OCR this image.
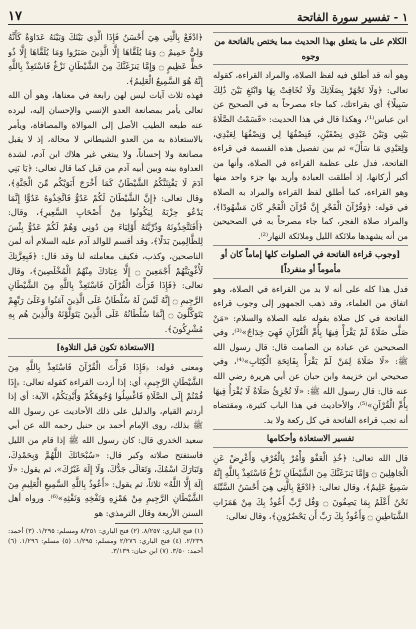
١٧	١ - تفسير سورة الفاتحة

الكلام على ما يتعلق بهذا الحديث مما يختص بالفاتحة من وجوه

وهو أنه قد أطلق فيه لفظ الصلاة، والمراد القراءة، كقوله تعالى: ﴿وَلَا تَجْهَرْ بِصَلَاتِكَ وَلَا تُخَافِتْ بِهَا وَابْتَغِ بَيْنَ ذَٰلِكَ سَبِيلًا﴾ أي بقراءتك، كما جاء مصرحاً به في الصحيح عن ابن عباس⁽¹⁾، وهكذا قال في هذا الحديث: «قَسَمْتُ الصَّلَاةَ بَيْنِي وَبَيْنَ عَبْدِي نِصْفَيْنِ، فَنِصْفُهَا لِي وَنِصْفُهَا لِعَبْدِي، وَلِعَبْدِي مَا سَأَلَ» ثم بين تفصيل هذه القسمة في قراءة الفاتحة، فدل على عظمة القراءة في الصلاة، وأنها من أكبر أركانها، إذ أطلقت العبادة وأريد بها جزء واحد منها وهو القراءة، كما أطلق لفظ القراءة والمراد به الصلاة في قوله: ﴿وَقُرْآنَ الْفَجْرِ إِنَّ قُرْآنَ الْفَجْرِ كَانَ مَشْهُودًا﴾، والمراد صلاة الفجر، كما جاء مصرحاً به في الصحيحين من أنه يشهدها ملائكة الليل وملائكة النهار⁽²⁾.

[وجوب قراءة الفاتحة في الصلوات كلها إماماً كان أو مأموماً أو منفرداً]

فدل هذا كله على أنه لا بد من القراءة في الصلاة، وهو اتفاق من العلماء، وقد ذهب الجمهور إلى وجوب قراءة الفاتحة في كل صلاة بقوله عليه الصلاة والسلام: «مَنْ صَلَّى صَلَاةً لَمْ يَقْرَأْ فِيهَا بِأُمِّ الْقُرْآنِ فَهِيَ خِدَاجٌ»⁽³⁾، وفي الصحيحين عن عبادة بن الصامت قال: قال رسول الله ﷺ: «لَا صَلَاةَ لِمَنْ لَمْ يَقْرَأْ بِفَاتِحَةِ الْكِتَابِ»⁽⁴⁾، وفي صحيحي ابن خزيمة وابن حبان عن أبي هريرة رضي الله عنه قال: قال رسول الله ﷺ: «لَا تُجْزِئُ صَلَاةٌ لَا يُقْرَأُ فِيهَا بِأُمِّ الْقُرْآنِ»⁽⁵⁾، والأحاديث في هذا الباب كثيرة، ومقتضاه أنه تجب قراءة الفاتحة في كل ركعة ولا بد.

تفسير الاستعاذة وأحكامها

قال الله تعالى: ﴿خُذِ الْعَفْوَ وَأْمُرْ بِالْعُرْفِ وَأَعْرِضْ عَنِ الْجَاهِلِينَ ۝ وَإِمَّا يَنزَغَنَّكَ مِنَ الشَّيْطَانِ نَزْغٌ فَاسْتَعِذْ بِاللَّهِ إِنَّهُ سَمِيعٌ عَلِيمٌ﴾، وقال تعالى: ﴿ادْفَعْ بِالَّتِي هِيَ أَحْسَنُ السَّيِّئَةَ نَحْنُ أَعْلَمُ بِمَا يَصِفُونَ ۝ وَقُل رَّبِّ أَعُوذُ بِكَ مِنْ هَمَزَاتِ الشَّيَاطِينِ ۝ وَأَعُوذُ بِكَ رَبِّ أَن يَحْضُرُونِ﴾، وقال تعالى:

﴿ادْفَعْ بِالَّتِي هِيَ أَحْسَنُ فَإِذَا الَّذِي بَيْنَكَ وَبَيْنَهُ عَدَاوَةٌ كَأَنَّهُ وَلِيٌّ حَمِيمٌ ۝ وَمَا يُلَقَّاهَا إِلَّا الَّذِينَ صَبَرُوا وَمَا يُلَقَّاهَا إِلَّا ذُو حَظٍّ عَظِيمٍ ۝ وَإِمَّا يَنزَغَنَّكَ مِنَ الشَّيْطَانِ نَزْغٌ فَاسْتَعِذْ بِاللَّهِ إِنَّهُ هُوَ السَّمِيعُ الْعَلِيمُ﴾.

فهذه ثلاث آيات ليس لهن رابعة في معناها، وهو أن الله تعالى يأمر بمصانعة العدو الإنسي والإحسان إليه، ليرده عنه طبعه الطيب الأصل إلى الموالاة والمصافاة، ويأمر بالاستعاذة به من العدو الشيطاني لا محالة، إذ لا يقبل مصانعة ولا إحساناً، ولا يبتغي غير هلاك ابن آدم، لشدة العداوة بينه وبين أبيه آدم من قبل كما قال تعالى: ﴿يَا بَنِي آدَمَ لَا يَفْتِنَنَّكُمُ الشَّيْطَانُ كَمَا أَخْرَجَ أَبَوَيْكُم مِّنَ الْجَنَّةِ﴾، وقال تعالى: ﴿إِنَّ الشَّيْطَانَ لَكُمْ عَدُوٌّ فَاتَّخِذُوهُ عَدُوًّا إِنَّمَا يَدْعُو حِزْبَهُ لِيَكُونُوا مِنْ أَصْحَابِ السَّعِيرِ﴾، وقال: ﴿أَفَتَتَّخِذُونَهُ وَذُرِّيَّتَهُ أَوْلِيَاءَ مِن دُونِي وَهُمْ لَكُمْ عَدُوٌّ بِئْسَ لِلظَّالِمِينَ بَدَلًا﴾، وقد أقسم للوالد آدم عليه السلام أنه لمن الناصحين، وكذب، فكيف معاملته لنا وقد قال: ﴿فَبِعِزَّتِكَ لَأُغْوِيَنَّهُمْ أَجْمَعِينَ ۝ إِلَّا عِبَادَكَ مِنْهُمُ الْمُخْلَصِينَ﴾، وقال تعالى: ﴿فَإِذَا قَرَأْتَ الْقُرْآنَ فَاسْتَعِذْ بِاللَّهِ مِنَ الشَّيْطَانِ الرَّجِيمِ ۝ إِنَّهُ لَيْسَ لَهُ سُلْطَانٌ عَلَى الَّذِينَ آمَنُوا وَعَلَىٰ رَبِّهِمْ يَتَوَكَّلُونَ ۝ إِنَّمَا سُلْطَانُهُ عَلَى الَّذِينَ يَتَوَلَّوْنَهُ وَالَّذِينَ هُم بِهِ مُشْرِكُونَ﴾.

[الاستعاذة تكون قبل التلاوة]

ومعنى قوله: ﴿فَإِذَا قَرَأْتَ الْقُرْآنَ فَاسْتَعِذْ بِاللَّهِ مِنَ الشَّيْطَانِ الرَّجِيمِ﴾ أي: إذا أردت القراءة كقوله تعالى: ﴿إِذَا قُمْتُمْ إِلَى الصَّلَاةِ فَاغْسِلُوا وُجُوهَكُمْ وَأَيْدِيَكُمْ﴾ الآية: أي إذا أردتم القيام، والدليل على ذلك الأحاديث عن رسول الله ﷺ بذلك، روى الإمام أحمد بن حنبل رحمه الله عن أبي سعيد الخدري قال: كان رسول الله ﷺ إذا قام من الليل فاستفتح صلاته وكبر قال: «سُبْحَانَكَ اللَّهُمَّ وَبِحَمْدِكَ، وَتَبَارَكَ اسْمُكَ، وَتَعَالَى جَدُّكَ، وَلَا إِلَهَ غَيْرُكَ»، ثم يقول: «لَا إِلَهَ إِلَّا اللَّهُ» ثلاثاً، ثم يقول: «أَعُوذُ بِاللَّهِ السَّمِيعِ الْعَلِيمِ مِنَ الشَّيْطَانِ الرَّجِيمِ مِنْ هَمْزِهِ وَنَفْخِهِ وَنَفْثِهِ»⁽⁶⁾. ورواه أهل السنن الأربعة وقال الترمذي: هو

(١) فتح الباري: ٨/٢٥٧. (٢) فتح الباري: ٨/٢٥١ ومسلم: ١/٢٩٥. (٣) أحمد: ٢/٢٣٩. (٤) فتح الباري: ٢/٢٧٦ ومسلم: ١/٢٩٥. (٥) مسلم: ١/٢٩٦. (٦) أحمد: ٣/٥٠. (٧) ابن حبان: ٣/١٣٩.
